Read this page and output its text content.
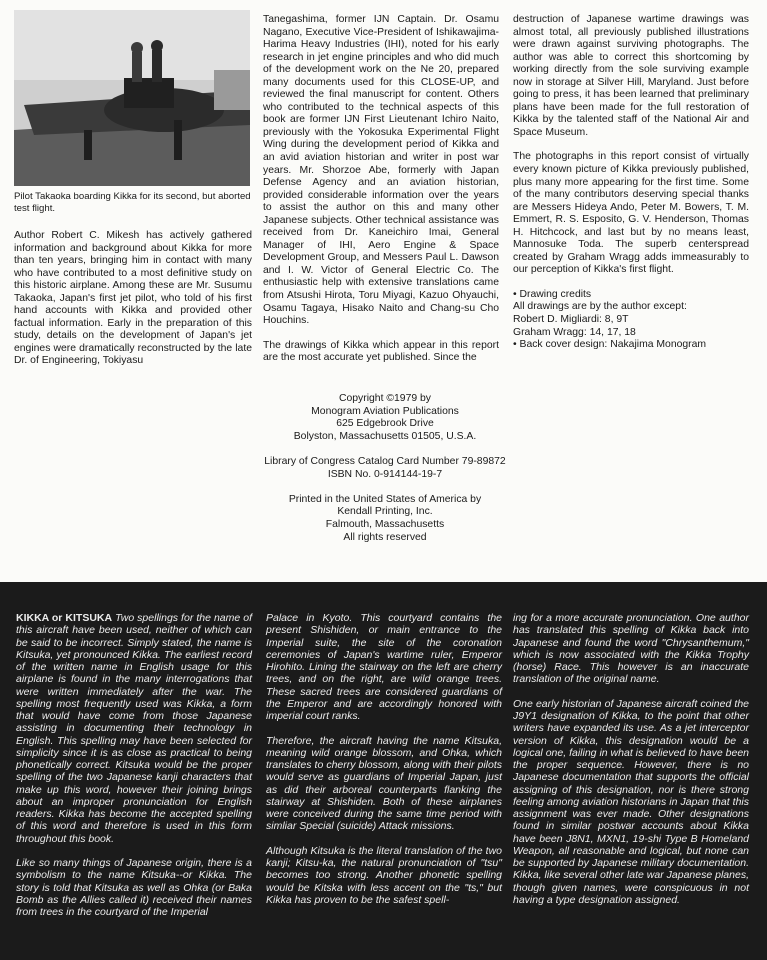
Pilot Takaoka boarding Kikka for its second, but aborted test flight.

Author Robert C. Mikesh has actively gathered information and background about Kikka for more than ten years, bringing him in contact with many who have contributed to a most definitive study on this historic airplane. Among these are Mr. Susumu Takaoka, Japan's first jet pilot, who told of his first hand accounts with Kikka and provided other factual information. Early in the preparation of this study, details on the development of Japan's jet engines were dramatically reconstructed by the late Dr. of Engineering, Tokiyasu

Tanegashima, former IJN Captain. Dr. Osamu Nagano, Executive Vice-President of Ishikawajima-Harima Heavy Industries (IHI), noted for his early research in jet engine principles and who did much of the development work on the Ne 20, prepared many documents used for this CLOSE-UP, and reviewed the final manuscript for content. Others who contributed to the technical aspects of this book are former IJN First Lieutenant Ichiro Naito, previously with the Yokosuka Experimental Flight Wing during the development period of Kikka and an avid aviation historian and writer in post war years. Mr. Shorzoe Abe, formerly with Japan Defense Agency and an aviation historian, provided considerable information over the years to assist the author on this and many other Japanese subjects. Other technical assistance was received from Dr. Kaneichiro Imai, General Manager of IHI, Aero Engine & Space Development Group, and Messers Paul L. Dawson and I. W. Victor of General Electric Co. The enthusiastic help with extensive translations came from Atsushi Hirota, Toru Miyagi, Kazuo Ohyauchi, Osamu Tagaya, Hisako Naito and Chang-su Cho Houchins.

The drawings of Kikka which appear in this report are the most accurate yet published. Since the

destruction of Japanese wartime drawings was almost total, all previously published illustrations were drawn against surviving photographs. The author was able to correct this shortcoming by working directly from the sole surviving example now in storage at Silver Hill, Maryland. Just before going to press, it has been learned that preliminary plans have been made for the full restoration of Kikka by the talented staff of the National Air and Space Museum.

The photographs in this report consist of virtually every known picture of Kikka previously published, plus many more appearing for the first time. Some of the many contributors deserving special thanks are Messers Hideya Ando, Peter M. Bowers, T. M. Emmert, R. S. Esposito, G. V. Henderson, Thomas H. Hitchcock, and last but by no means least, Mannosuke Toda. The superb centerspread created by Graham Wragg adds immeasurably to our perception of Kikka's first flight.

• Drawing credits
All drawings are by the author except:
Robert D. Migliardi: 8, 9T
Graham Wragg: 14, 17, 18
• Back cover design: Nakajima Monogram
Copyright ©1979 by
Monogram Aviation Publications
625 Edgebrook Drive
Bolyston, Massachusetts 01505, U.S.A.
Library of Congress Catalog Card Number 79-89872
ISBN No. 0-914144-19-7
Printed in the United States of America by
Kendall Printing, Inc.
Falmouth, Massachusetts
All rights reserved

KIKKA or KITSUKA Two spellings for the name of this aircraft have been used, neither of which can be said to be incorrect. Simply stated, the name is Kitsuka, yet pronounced Kikka. The earliest record of the written name in English usage for this airplane is found in the many interrogations that were written immediately after the war. The spelling most frequently used was Kikka, a form that would have come from those Japanese assisting in documenting their technology in English. This spelling may have been selected for simplicity since it is as close as practical to being phonetically correct. Kitsuka would be the proper spelling of the two Japanese kanji characters that make up this word, however their joining brings about an improper pronunciation for English readers. Kikka has become the accepted spelling of this word and therefore is used in this form throughout this book.

Like so many things of Japanese origin, there is a symbolism to the name Kitsuka--or Kikka. The story is told that Kitsuka as well as Ohka (or Baka Bomb as the Allies called it) received their names from trees in the courtyard of the Imperial

Palace in Kyoto. This courtyard contains the present Shishiden, or main entrance to the Imperial suite, the site of the coronation ceremonies of Japan's wartime ruler, Emperor Hirohito. Lining the stairway on the left are cherry trees, and on the right, are wild orange trees. These sacred trees are considered guardians of the Emperor and are accordingly honored with imperial court ranks.

Therefore, the aircraft having the name Kitsuka, meaning wild orange blossom, and Ohka, which translates to cherry blossom, along with their pilots would serve as guardians of Imperial Japan, just as did their arboreal counterparts flanking the stairway at Shishiden. Both of these airplanes were conceived during the same time period with simliar Special (suicide) Attack missions.

Although Kitsuka is the literal translation of the two kanji; Kitsu-ka, the natural pronunciation of "tsu" becomes too strong. Another phonetic spelling would be Kitska with less accent on the "ts," but Kikka has proven to be the safest spell-

ing for a more accurate pronunciation. One author has translated this spelling of Kikka back into Japanese and found the word "Chrysanthemum," which is now associated with the Kikka Trophy (horse) Race. This however is an inaccurate translation of the original name.

One early historian of Japanese aircraft coined the J9Y1 designation of Kikka, to the point that other writers have expanded its use. As a jet interceptor version of Kikka, this designation would be a logical one, failing in what is believed to have been the proper sequence. However, there is no Japanese documentation that supports the official assigning of this designation, nor is there strong feeling among aviation historians in Japan that this assignment was ever made. Other designations found in similar postwar accounts about Kikka have been J8N1, MXN1, 19-shi Type B Homeland Weapon, all reasonable and logical, but none can be supported by Japanese military documentation. Kikka, like several other late war Japanese planes, though given names, were conspicuous in not having a type designation assigned.
